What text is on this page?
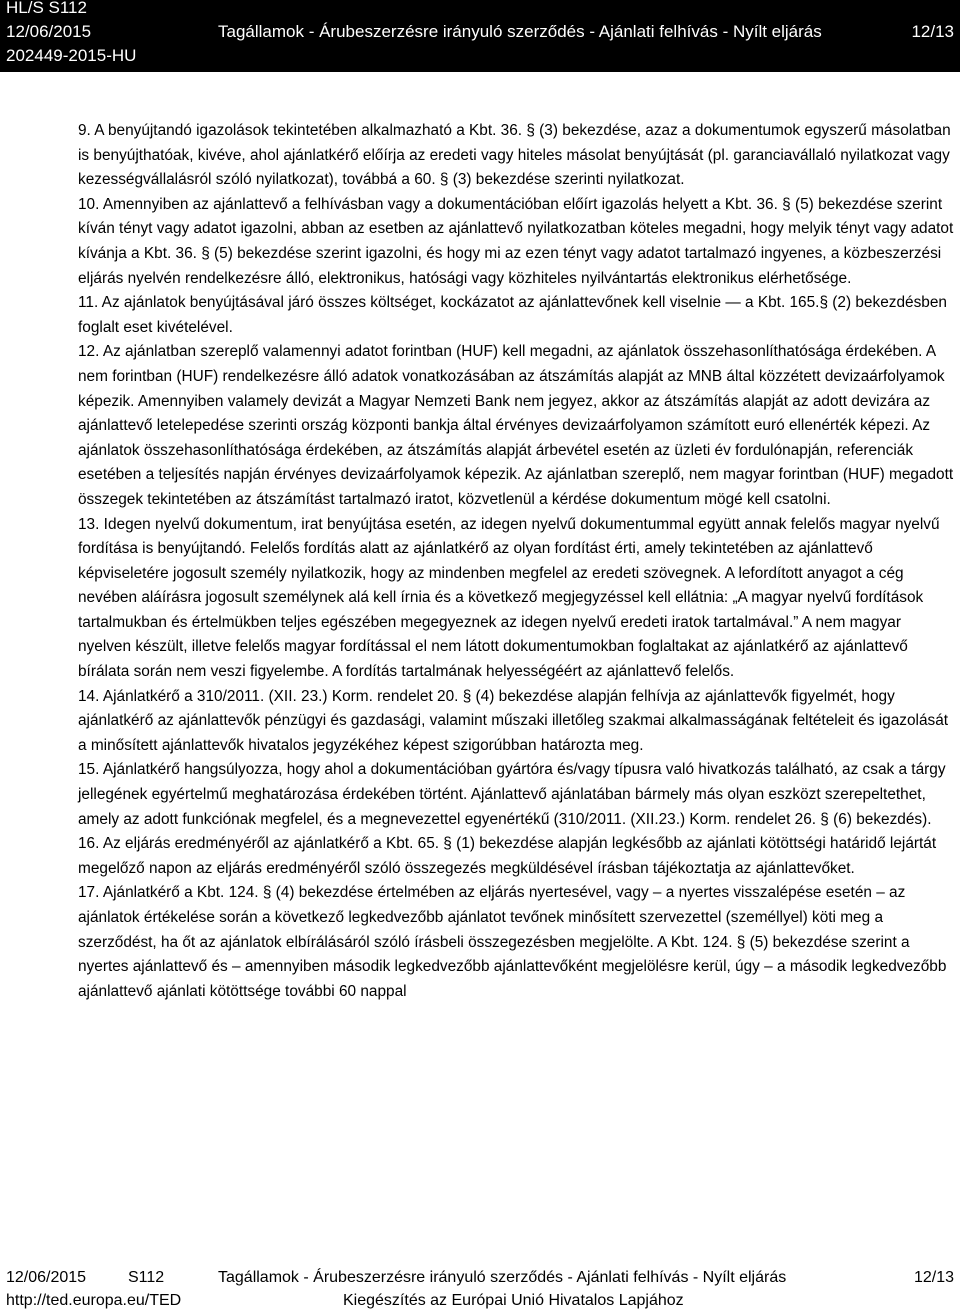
HL/S S112
12/06/2015
202449-2015-HU
Tagállamok - Árubeszerzésre irányuló szerződés - Ajánlati felhívás - Nyílt eljárás	12/13

9. A benyújtandó igazolások tekintetében alkalmazható a Kbt. 36. § (3) bekezdése, azaz a dokumentumok egyszerű másolatban is benyújthatóak, kivéve, ahol ajánlatkérő előírja az eredeti vagy hiteles másolat benyújtását (pl. garanciavállaló nyilatkozat vagy kezességvállalásról szóló nyilatkozat), továbbá a 60. § (3) bekezdése szerinti nyilatkozat.

10. Amennyiben az ajánlattevő a felhívásban vagy a dokumentációban előírt igazolás helyett a Kbt. 36. § (5) bekezdése szerint kíván tényt vagy adatot igazolni, abban az esetben az ajánlattevő nyilatkozatban köteles megadni, hogy melyik tényt vagy adatot kívánja a Kbt. 36. § (5) bekezdése szerint igazolni, és hogy mi az ezen tényt vagy adatot tartalmazó ingyenes, a közbeszerzési eljárás nyelvén rendelkezésre álló, elektronikus, hatósági vagy közhiteles nyilvántartás elektronikus elérhetősége.

11. Az ajánlatok benyújtásával járó összes költséget, kockázatot az ajánlattevőnek kell viselnie — a Kbt. 165.§ (2) bekezdésben foglalt eset kivételével.

12. Az ajánlatban szereplő valamennyi adatot forintban (HUF) kell megadni, az ajánlatok összehasonlíthatósága érdekében. A nem forintban (HUF) rendelkezésre álló adatok vonatkozásában az átszámítás alapját az MNB által közzétett devizaárfolyamok képezik. Amennyiben valamely devizát a Magyar Nemzeti Bank nem jegyez, akkor az átszámítás alapját az adott devizára az ajánlattevő letelepedése szerinti ország központi bankja által érvényes devizaárfolyamon számított euró ellenérték képezi. Az ajánlatok összehasonlíthatósága érdekében, az átszámítás alapját árbevétel esetén az üzleti év fordulónapján, referenciák esetében a teljesítés napján érvényes devizaárfolyamok képezik. Az ajánlatban szereplő, nem magyar forintban (HUF) megadott összegek tekintetében az átszámítást tartalmazó iratot, közvetlenül a kérdése dokumentum mögé kell csatolni.

13. Idegen nyelvű dokumentum, irat benyújtása esetén, az idegen nyelvű dokumentummal együtt annak felelős magyar nyelvű fordítása is benyújtandó. Felelős fordítás alatt az ajánlatkérő az olyan fordítást érti, amely tekintetében az ajánlattevő képviseletére jogosult személy nyilatkozik, hogy az mindenben megfelel az eredeti szövegnek. A lefordított anyagot a cég nevében aláírásra jogosult személynek alá kell írnia és a következő megjegyzéssel kell ellátnia: „A magyar nyelvű fordítások tartalmukban és értelmükben teljes egészében megegyeznek az idegen nyelvű eredeti iratok tartalmával.” A nem magyar nyelven készült, illetve felelős magyar fordítással el nem látott dokumentumokban foglaltakat az ajánlatkérő az ajánlattevő bírálata során nem veszi figyelembe. A fordítás tartalmának helyességéért az ajánlattevő felelős.

14. Ajánlatkérő a 310/2011. (XII. 23.) Korm. rendelet 20. § (4) bekezdése alapján felhívja az ajánlattevők figyelmét, hogy ajánlatkérő az ajánlattevők pénzügyi és gazdasági, valamint műszaki illetőleg szakmai alkalmasságának feltételeit és igazolását a minősített ajánlattevők hivatalos jegyzékéhez képest szigorúbban határozta meg.

15. Ajánlatkérő hangsúlyozza, hogy ahol a dokumentációban gyártóra és/vagy típusra való hivatkozás található, az csak a tárgy jellegének egyértelmű meghatározása érdekében történt. Ajánlattevő ajánlatában bármely más olyan eszközt szerepeltethet, amely az adott funkciónak megfelel, és a megnevezettel egyenértékű (310/2011. (XII.23.) Korm. rendelet 26. § (6) bekezdés).

16. Az eljárás eredményéről az ajánlatkérő a Kbt. 65. § (1) bekezdése alapján legkésőbb az ajánlati kötöttségi határidő lejártát megelőző napon az eljárás eredményéről szóló összegezés megküldésével írásban tájékoztatja az ajánlattevőket.

17. Ajánlatkérő a Kbt. 124. § (4) bekezdése értelmében az eljárás nyertesével, vagy – a nyertes visszalépése esetén – az ajánlatok értékelése során a következő legkedvezőbb ajánlatot tevőnek minősített szervezettel (személlyel) köti meg a szerződést, ha őt az ajánlatok elbírálásáról szóló írásbeli összegezésben megjelölte. A Kbt. 124. § (5) bekezdése szerint a nyertes ajánlattevő és – amennyiben második legkedvezőbb ajánlattevőként megjelölésre kerül, úgy – a második legkedvezőbb ajánlattevő ajánlati kötöttsége további 60 nappal

12/06/2015	S112	Tagállamok - Árubeszerzésre irányuló szerződés - Ajánlati felhívás - Nyílt eljárás	12/13
http://ted.europa.eu/TED	Kiegészítés az Európai Unió Hivatalos Lapjához
